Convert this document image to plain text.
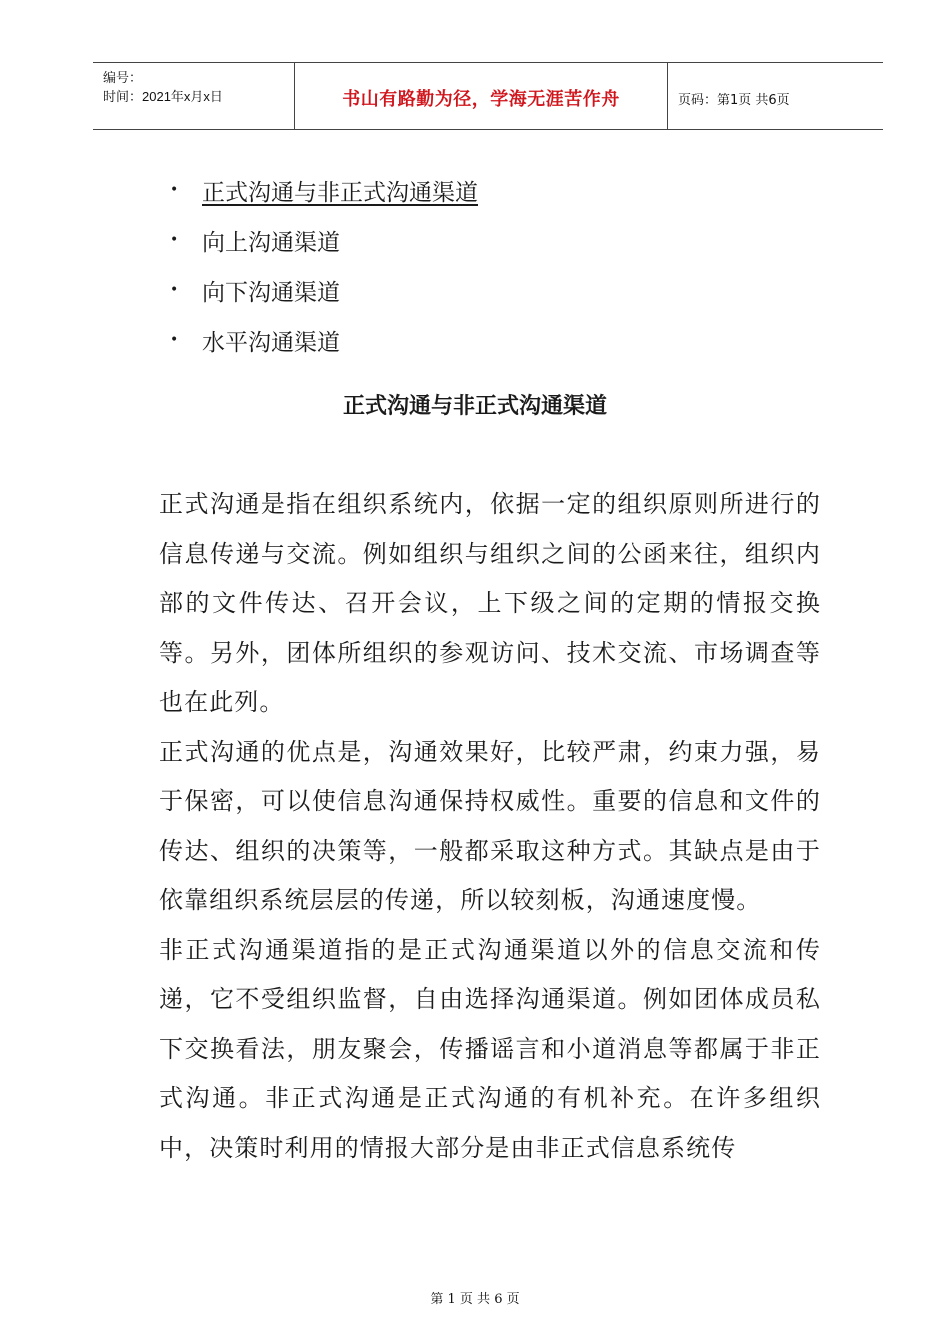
编号：
时间：2021年x月x日	书山有路勤为径，学海无涯苦作舟	页码：第1页 共6页
•	正式沟通与非正式沟通渠道
•	向上沟通渠道
•	向下沟通渠道
•	水平沟通渠道
正式沟通与非正式沟通渠道

正式沟通是指在组织系统内，依据一定的组织原则所进行的信息传递与交流。例如组织与组织之间的公函来往，组织内部的文件传达、召开会议，上下级之间的定期的情报交换等。另外，团体所组织的参观访问、技术交流、市场调查等也在此列。

正式沟通的优点是，沟通效果好，比较严肃，约束力强，易于保密，可以使信息沟通保持权威性。重要的信息和文件的传达、组织的决策等，一般都采取这种方式。其缺点是由于依靠组织系统层层的传递，所以较刻板，沟通速度慢。

非正式沟通渠道指的是正式沟通渠道以外的信息交流和传递，它不受组织监督，自由选择沟通渠道。例如团体成员私下交换看法，朋友聚会，传播谣言和小道消息等都属于非正式沟通。非正式沟通是正式沟通的有机补充。在许多组织中，决策时利用的情报大部分是由非正式信息系统传

第 1 页 共 6 页
